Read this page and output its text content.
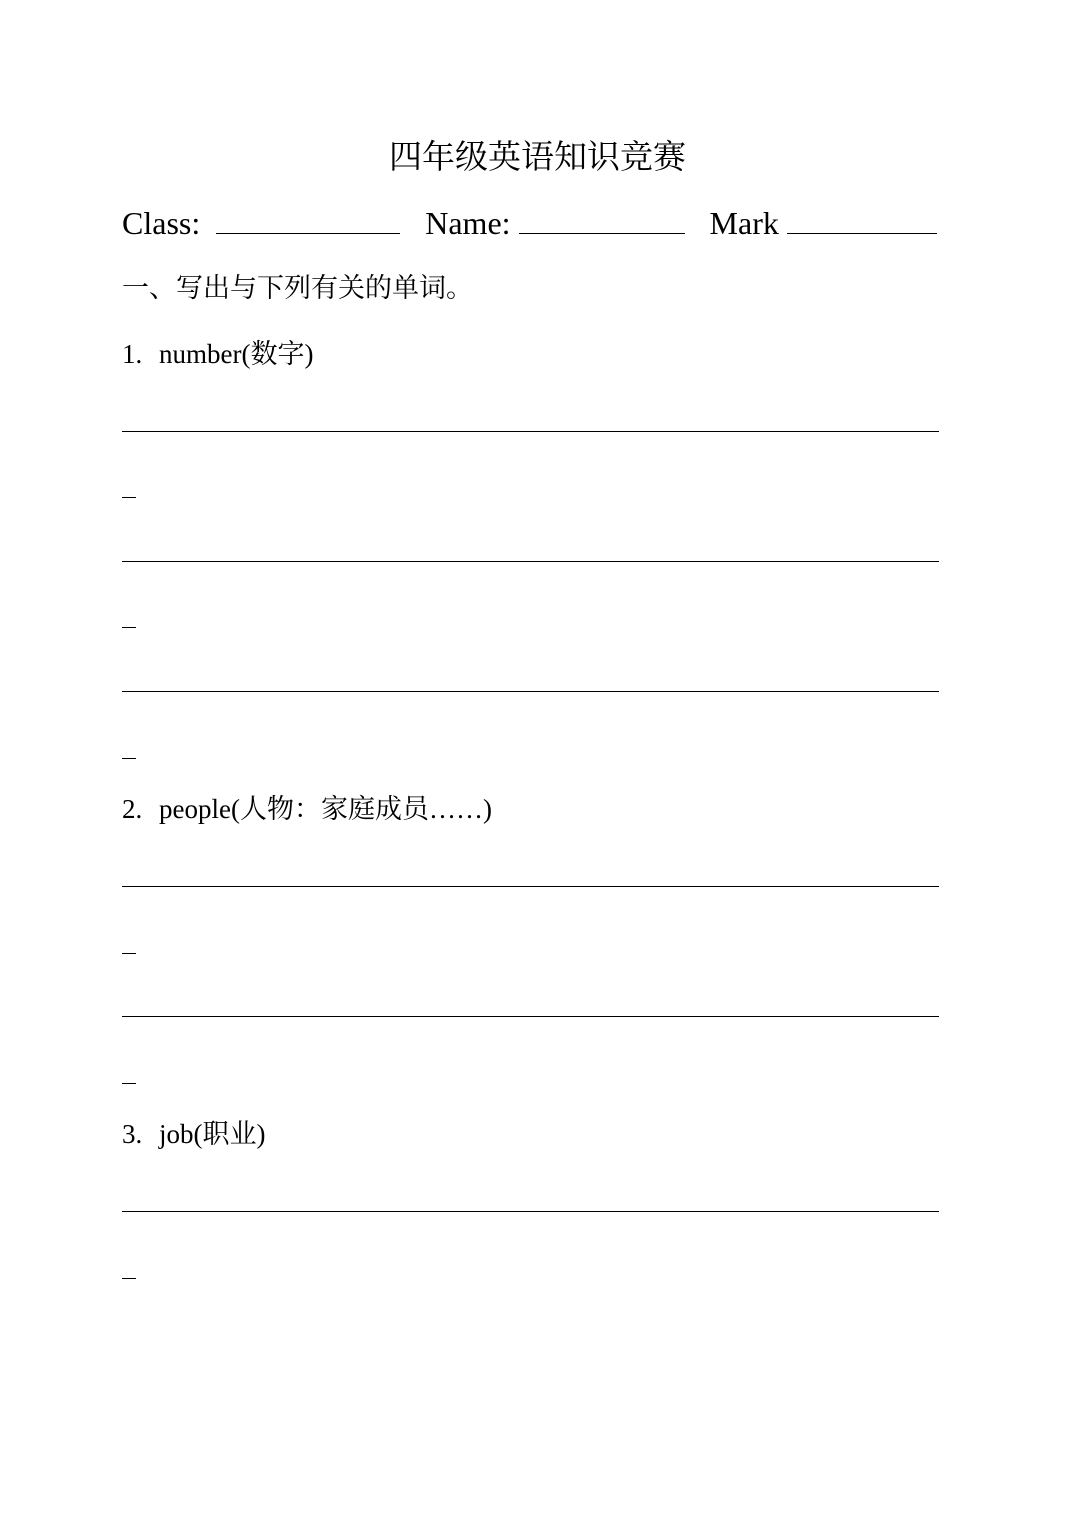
四年级英语知识竞赛
Class:	Name:	Mark
一、写出与下列有关的单词。
1. number(数字)
2. people(人物：家庭成员……)
3. job(职业)
